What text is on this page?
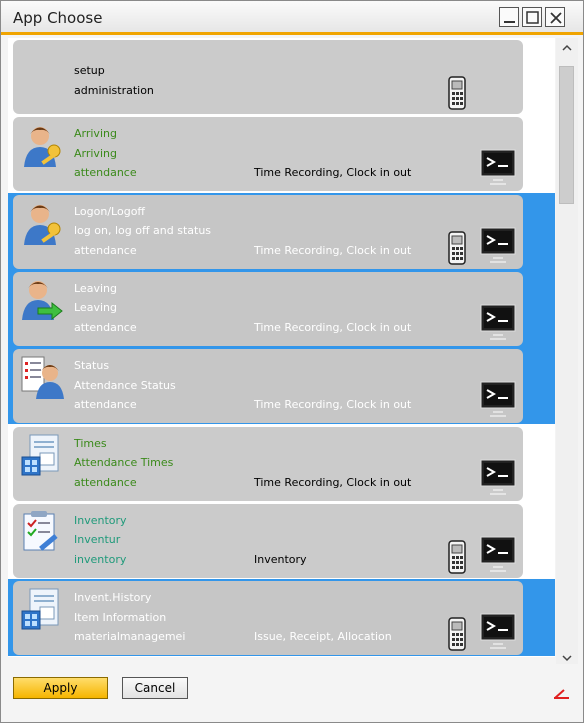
App Choose
setup
administration
Arriving
Arriving
attendance	Time Recording, Clock in out
Logon/Logoff
log on, log off and status
attendance	Time Recording, Clock in out
Leaving
Leaving
attendance	Time Recording, Clock in out
Status
Attendance Status
attendance	Time Recording, Clock in out
Times
Attendance Times
attendance	Time Recording, Clock in out
Inventory
Inventur
inventory	Inventory
Invent.History
Item Information
materialmanagemei	Issue, Receipt, Allocation
Apply	Cancel
